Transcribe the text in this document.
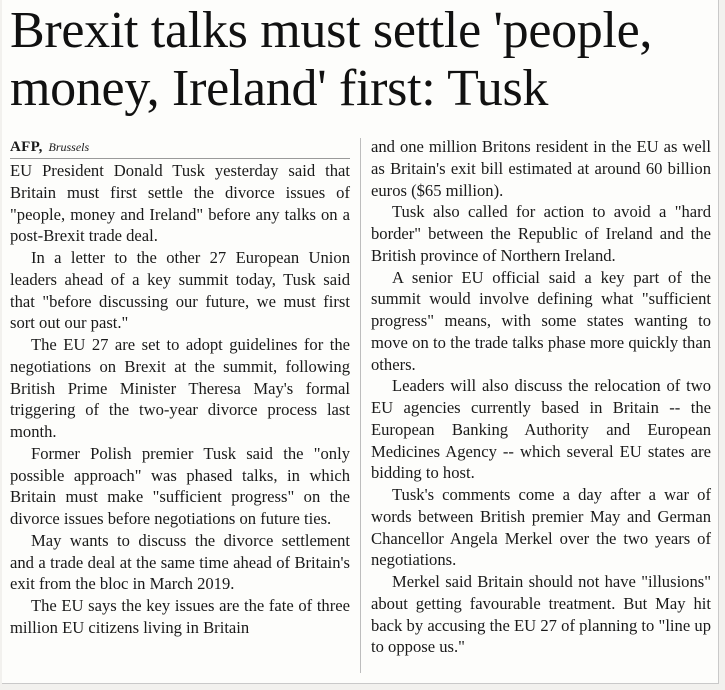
Brexit talks must settle 'people, money, Ireland' first: Tusk

AFP, Brussels

EU President Donald Tusk yesterday said that Britain must first settle the divorce issues of "people, money and Ireland" before any talks on a post-Brexit trade deal.

In a letter to the other 27 European Union leaders ahead of a key summit today, Tusk said that "before discussing our future, we must first sort out our past."

The EU 27 are set to adopt guidelines for the negotiations on Brexit at the summit, following British Prime Minister Theresa May's formal triggering of the two-year divorce process last month.

Former Polish premier Tusk said the "only possible approach" was phased talks, in which Britain must make "sufficient progress" on the divorce issues before negotiations on future ties.

May wants to discuss the divorce settlement and a trade deal at the same time ahead of Britain's exit from the bloc in March 2019.

The EU says the key issues are the fate of three million EU citizens living in Britain

and one million Britons resident in the EU as well as Britain's exit bill estimated at around 60 billion euros ($65 million).

Tusk also called for action to avoid a "hard border" between the Republic of Ireland and the British province of Northern Ireland.

A senior EU official said a key part of the summit would involve defining what "sufficient progress" means, with some states wanting to move on to the trade talks phase more quickly than others.

Leaders will also discuss the relocation of two EU agencies currently based in Britain -- the European Banking Authority and European Medicines Agency -- which several EU states are bidding to host.

Tusk's comments come a day after a war of words between British premier May and German Chancellor Angela Merkel over the two years of negotiations.

Merkel said Britain should not have "illusions" about getting favourable treatment. But May hit back by accusing the EU 27 of planning to "line up to oppose us."
